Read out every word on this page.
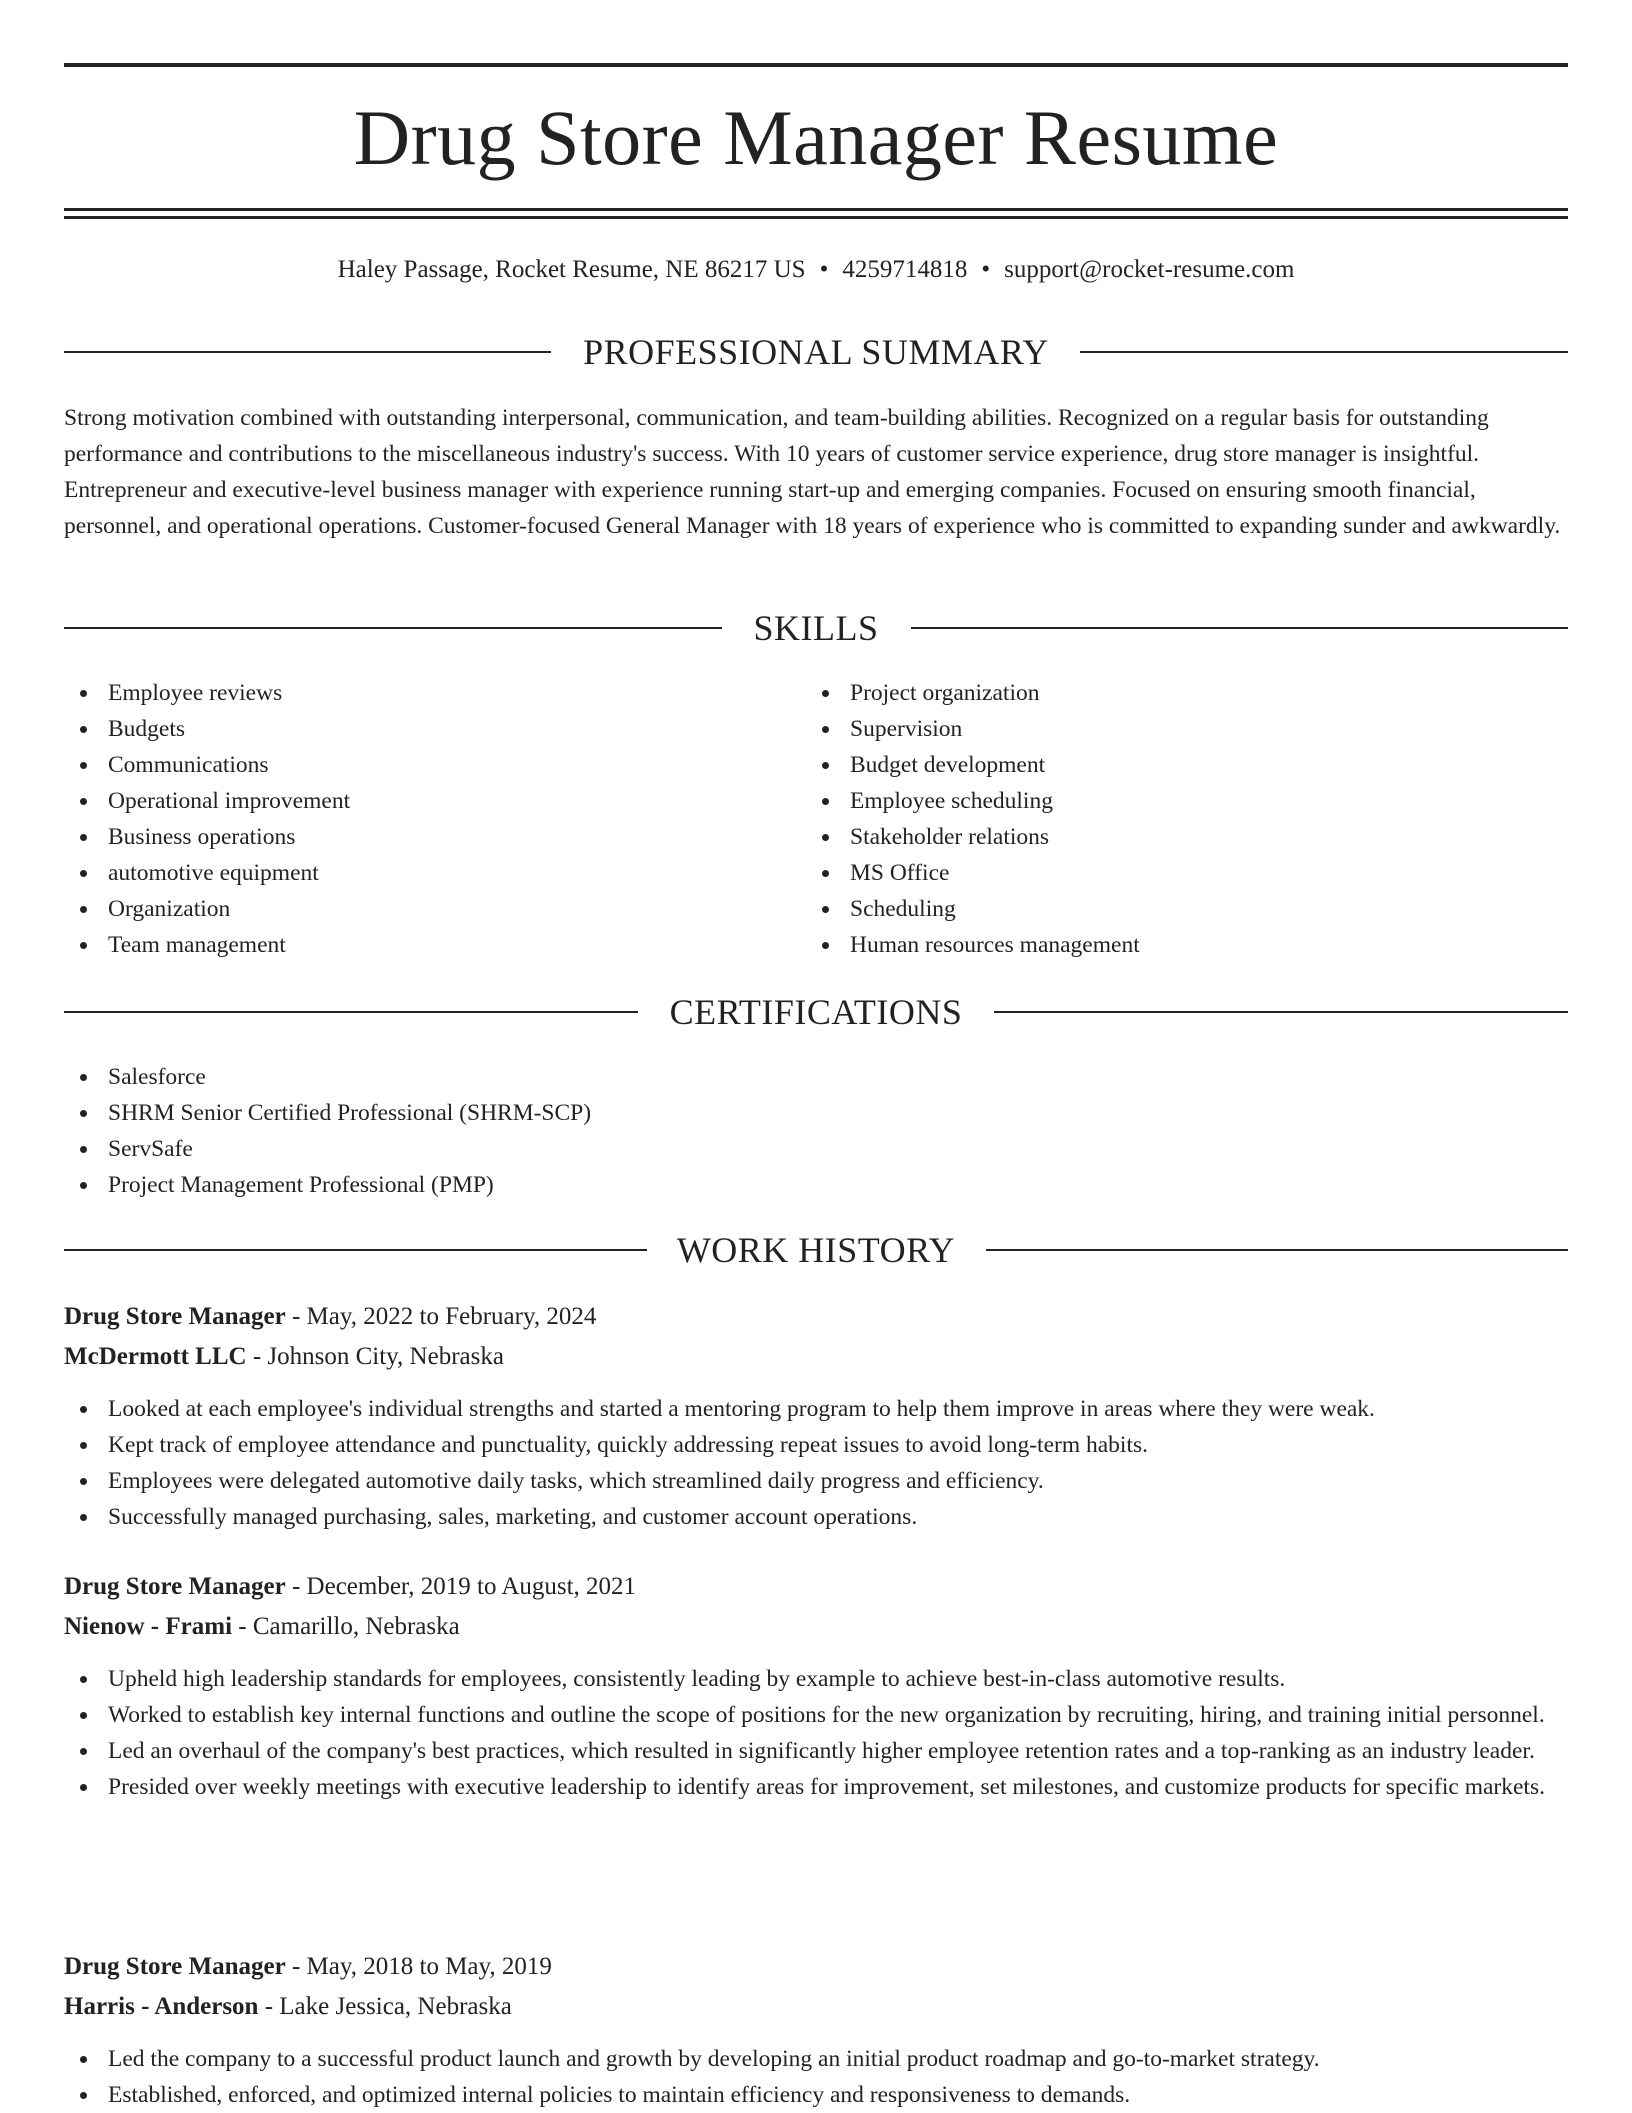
Drug Store Manager Resume
Haley Passage, Rocket Resume, NE 86217 US • 4259714818 • support@rocket-resume.com
PROFESSIONAL SUMMARY

Strong motivation combined with outstanding interpersonal, communication, and team-building abilities. Recognized on a regular basis for outstanding performance and contributions to the miscellaneous industry's success. With 10 years of customer service experience, drug store manager is insightful. Entrepreneur and executive-level business manager with experience running start-up and emerging companies. Focused on ensuring smooth financial, personnel, and operational operations. Customer-focused General Manager with 18 years of experience who is committed to expanding sunder and awkwardly.

SKILLS
Employee reviews
Budgets
Communications
Operational improvement
Business operations
automotive equipment
Organization
Team management
Project organization
Supervision
Budget development
Employee scheduling
Stakeholder relations
MS Office
Scheduling
Human resources management
CERTIFICATIONS
Salesforce
SHRM Senior Certified Professional (SHRM-SCP)
ServSafe
Project Management Professional (PMP)
WORK HISTORY
Drug Store Manager - May, 2022 to February, 2024
McDermott LLC - Johnson City, Nebraska
Looked at each employee's individual strengths and started a mentoring program to help them improve in areas where they were weak.
Kept track of employee attendance and punctuality, quickly addressing repeat issues to avoid long-term habits.
Employees were delegated automotive daily tasks, which streamlined daily progress and efficiency.
Successfully managed purchasing, sales, marketing, and customer account operations.
Drug Store Manager - December, 2019 to August, 2021
Nienow - Frami - Camarillo, Nebraska
Upheld high leadership standards for employees, consistently leading by example to achieve best-in-class automotive results.
Worked to establish key internal functions and outline the scope of positions for the new organization by recruiting, hiring, and training initial personnel.
Led an overhaul of the company's best practices, which resulted in significantly higher employee retention rates and a top-ranking as an industry leader.
Presided over weekly meetings with executive leadership to identify areas for improvement, set milestones, and customize products for specific markets.
Drug Store Manager - May, 2018 to May, 2019
Harris - Anderson - Lake Jessica, Nebraska
Led the company to a successful product launch and growth by developing an initial product roadmap and go-to-market strategy.
Established, enforced, and optimized internal policies to maintain efficiency and responsiveness to demands.
